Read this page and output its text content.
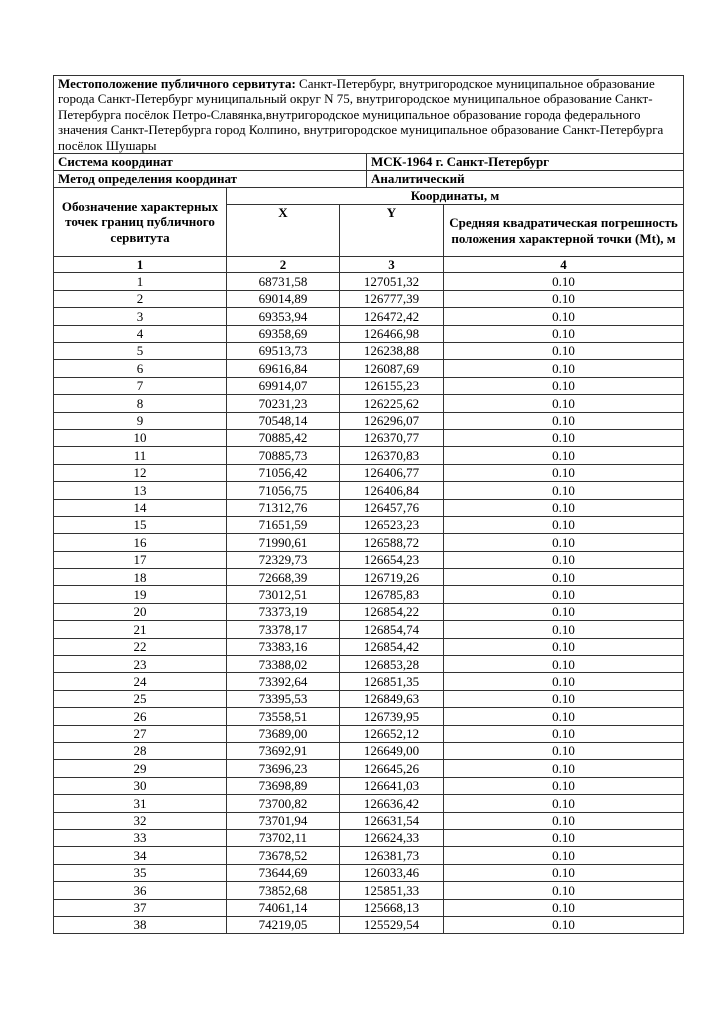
Местоположение публичного сервитута: Санкт-Петербург, внутригородское муниципальное образование города Санкт-Петербург муниципальный округ N 75, внутригородское муниципальное образование Санкт-Петербурга посёлок Петро-Славянка,внутригородское муниципальное образование города федерального значения Санкт-Петербурга город Колпино, внутригородское муниципальное образование Санкт-Петербурга посёлок Шушары				
Система координат			МСК-1964 г. Санкт-Петербург	
Метод определения координат			Аналитический	
Обозначение характерных точек границ публичного сервитута	Координаты, м			
	X	Y		Средняя квадратическая погрешность положения характерной точки (Mt), м
1	2	3		4
1	68731,58	127051,32		0.10
2	69014,89	126777,39		0.10
3	69353,94	126472,42		0.10
4	69358,69	126466,98		0.10
5	69513,73	126238,88		0.10
6	69616,84	126087,69		0.10
7	69914,07	126155,23		0.10
8	70231,23	126225,62		0.10
9	70548,14	126296,07		0.10
10	70885,42	126370,77		0.10
11	70885,73	126370,83		0.10
12	71056,42	126406,77		0.10
13	71056,75	126406,84		0.10
14	71312,76	126457,76		0.10
15	71651,59	126523,23		0.10
16	71990,61	126588,72		0.10
17	72329,73	126654,23		0.10
18	72668,39	126719,26		0.10
19	73012,51	126785,83		0.10
20	73373,19	126854,22		0.10
21	73378,17	126854,74		0.10
22	73383,16	126854,42		0.10
23	73388,02	126853,28		0.10
24	73392,64	126851,35		0.10
25	73395,53	126849,63		0.10
26	73558,51	126739,95		0.10
27	73689,00	126652,12		0.10
28	73692,91	126649,00		0.10
29	73696,23	126645,26		0.10
30	73698,89	126641,03		0.10
31	73700,82	126636,42		0.10
32	73701,94	126631,54		0.10
33	73702,11	126624,33		0.10
34	73678,52	126381,73		0.10
35	73644,69	126033,46		0.10
36	73852,68	125851,33		0.10
37	74061,14	125668,13		0.10
38	74219,05	125529,54		0.10
